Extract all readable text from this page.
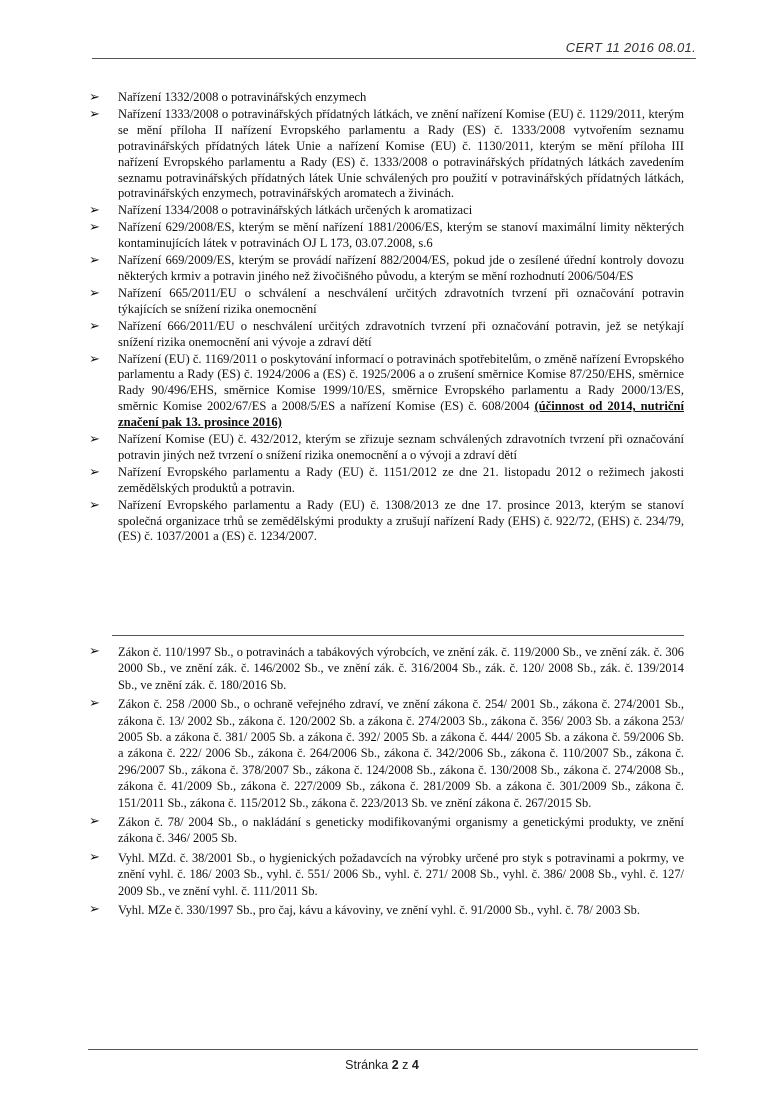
CERT 11 2016 08.01.
➢ Nařízení 1332/2008 o potravinářských enzymech
➢ Nařízení 1333/2008 o potravinářských přídatných látkách, ve znění nařízení Komise (EU) č. 1129/2011, kterým se mění příloha II nařízení Evropského parlamentu a Rady (ES) č. 1333/2008 vytvořením seznamu potravinářských přídatných látek Unie a nařízení Komise (EU) č. 1130/2011, kterým se mění příloha III nařízení Evropského parlamentu a Rady (ES) č. 1333/2008 o potravinářských přídatných látkách zavedením seznamu potravinářských přídatných látek Unie schválených pro použití v potravinářských přídatných látkách, potravinářských enzymech, potravinářských aromatech a živinách.
➢ Nařízení 1334/2008 o potravinářských látkách určených k aromatizaci
➢ Nařízení 629/2008/ES, kterým se mění nařízení 1881/2006/ES, kterým se stanoví maximální limity některých kontaminujících látek v potravinách OJ L 173, 03.07.2008, s.6
➢ Nařízení 669/2009/ES, kterým se provádí nařízení 882/2004/ES, pokud jde o zesílené úřední kontroly dovozu některých krmiv a potravin jiného než živočišného původu, a kterým se mění rozhodnutí 2006/504/ES
➢ Nařízení 665/2011/EU o schválení a neschválení určitých zdravotních tvrzení při označování potravin týkajících se snížení rizika onemocnění
➢ Nařízení 666/2011/EU o neschválení určitých zdravotních tvrzení při označování potravin, jež se netýkají snížení rizika onemocnění ani vývoje a zdraví dětí
➢ Nařízení (EU) č. 1169/2011 o poskytování informací o potravinách spotřebitelům, o změně nařízení Evropského parlamentu a Rady (ES) č. 1924/2006 a (ES) č. 1925/2006 a o zrušení směrnice Komise 87/250/EHS, směrnice Rady 90/496/EHS, směrnice Komise 1999/10/ES, směrnice Evropského parlamentu a Rady 2000/13/ES, směrnic Komise 2002/67/ES a 2008/5/ES a nařízení Komise (ES) č. 608/2004 (účinnost od 2014, nutriční značení pak 13. prosince 2016)
➢ Nařízení Komise (EU) č. 432/2012, kterým se zřizuje seznam schválených zdravotních tvrzení při označování potravin jiných než tvrzení o snížení rizika onemocnění a o vývoji a zdraví dětí
➢ Nařízení Evropského parlamentu a Rady (EU) č. 1151/2012 ze dne 21. listopadu 2012 o režimech jakosti zemědělských produktů a potravin.
➢ Nařízení Evropského parlamentu a Rady (EU) č. 1308/2013 ze dne 17. prosince 2013, kterým se stanoví společná organizace trhů se zemědělskými produkty a zrušují nařízení Rady (EHS) č. 922/72, (EHS) č. 234/79, (ES) č. 1037/2001 a (ES) č. 1234/2007.
➢ Zákon č. 110/1997 Sb., o potravinách a tabákových výrobcích, ve znění zák. č. 119/2000 Sb., ve znění zák. č. 306 2000 Sb., ve znění zák. č. 146/2002 Sb., ve znění zák. č. 316/2004 Sb., zák. č. 120/ 2008 Sb., zák. č. 139/2014 Sb., ve znění zák. č. 180/2016 Sb.
➢ Zákon č. 258 /2000 Sb., o ochraně veřejného zdraví, ve znění zákona č. 254/ 2001 Sb., zákona č. 274/2001 Sb., zákona č. 13/ 2002 Sb., zákona č. 120/2002 Sb. a zákona č. 274/2003 Sb., zákona č. 356/ 2003 Sb. a zákona 253/ 2005 Sb. a zákona č. 381/ 2005 Sb. a zákona č. 392/ 2005 Sb. a zákona č. 444/ 2005 Sb. a zákona č. 59/2006 Sb. a zákona č. 222/ 2006 Sb., zákona č. 264/2006 Sb., zákona č. 342/2006 Sb., zákona č. 110/2007 Sb., zákona č. 296/2007 Sb., zákona č. 378/2007 Sb., zákona č. 124/2008 Sb., zákona č. 130/2008 Sb., zákona č. 274/2008 Sb., zákona č. 41/2009 Sb., zákona č. 227/2009 Sb., zákona č. 281/2009 Sb. a zákona č. 301/2009 Sb., zákona č. 151/2011 Sb., zákona č. 115/2012 Sb., zákona č. 223/2013 Sb. ve znění zákona č. 267/2015 Sb.
➢ Zákon č. 78/ 2004 Sb., o nakládání s geneticky modifikovanými organismy a genetickými produkty, ve znění zákona č. 346/ 2005 Sb.
➢ Vyhl. MZd. č. 38/2001 Sb., o hygienických požadavcích na výrobky určené pro styk s potravinami a pokrmy, ve znění vyhl. č. 186/ 2003 Sb., vyhl. č. 551/ 2006 Sb., vyhl. č. 271/ 2008 Sb., vyhl. č. 386/ 2008 Sb., vyhl. č. 127/ 2009 Sb., ve znění vyhl. č. 111/2011 Sb.
➢ Vyhl. MZe č. 330/1997 Sb., pro čaj, kávu a kávoviny, ve znění vyhl. č. 91/2000 Sb., vyhl. č. 78/ 2003 Sb.
Stránka 2 z 4
